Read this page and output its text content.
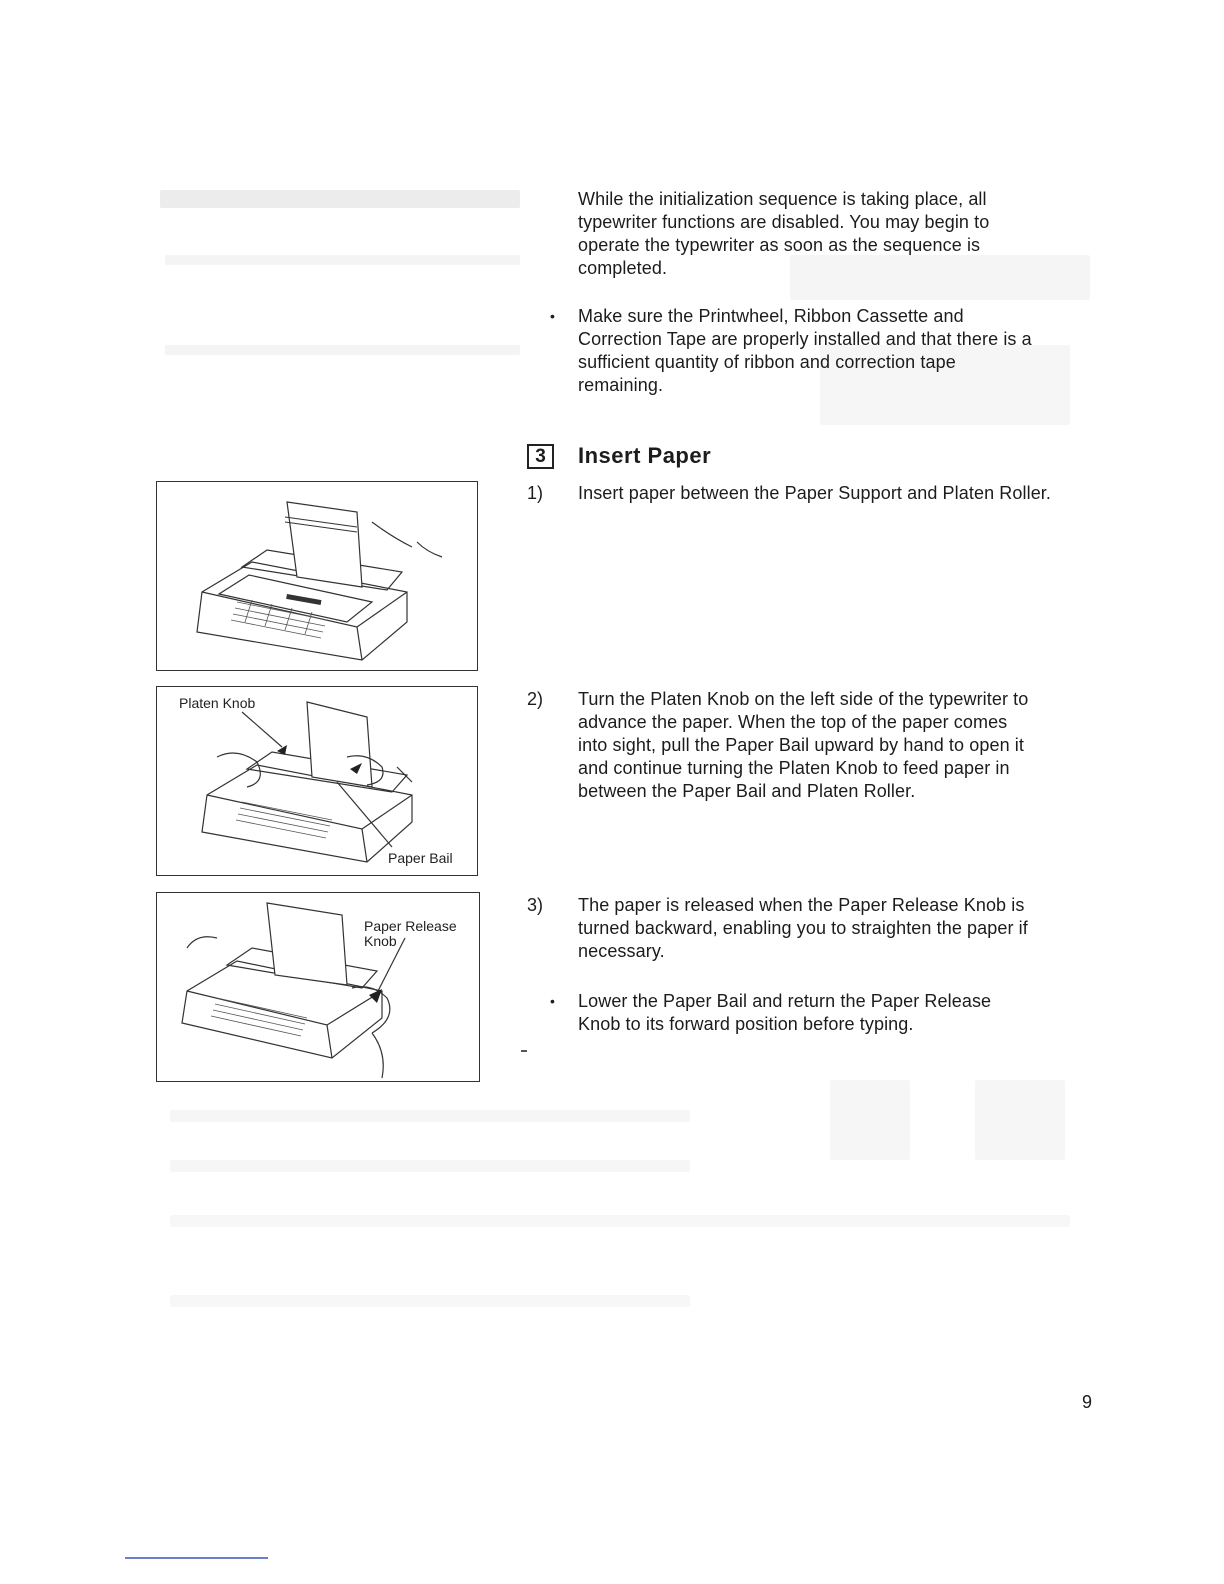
While the initialization sequence is taking place, all
typewriter functions are disabled. You may begin to
operate the typewriter as soon as the sequence is
completed.
• Make sure the Printwheel, Ribbon Cassette and
Correction Tape are properly installed and that there is a
sufficient quantity of ribbon and correction tape
remaining.
3	Insert Paper
1) Insert paper between the Paper Support and Platen Roller.
2) Turn the Platen Knob on the left side of the typewriter to
advance the paper. When the top of the paper comes
into sight, pull the Paper Bail upward by hand to open it
and continue turning the Platen Knob to feed paper in
between the Paper Bail and Platen Roller.
3) The paper is released when the Paper Release Knob is
turned backward, enabling you to straighten the paper if
necessary.
• Lower the Paper Bail and return the Paper Release
Knob to its forward position before typing.
Platen Knob
Paper Bail
Paper Release
Knob
9
